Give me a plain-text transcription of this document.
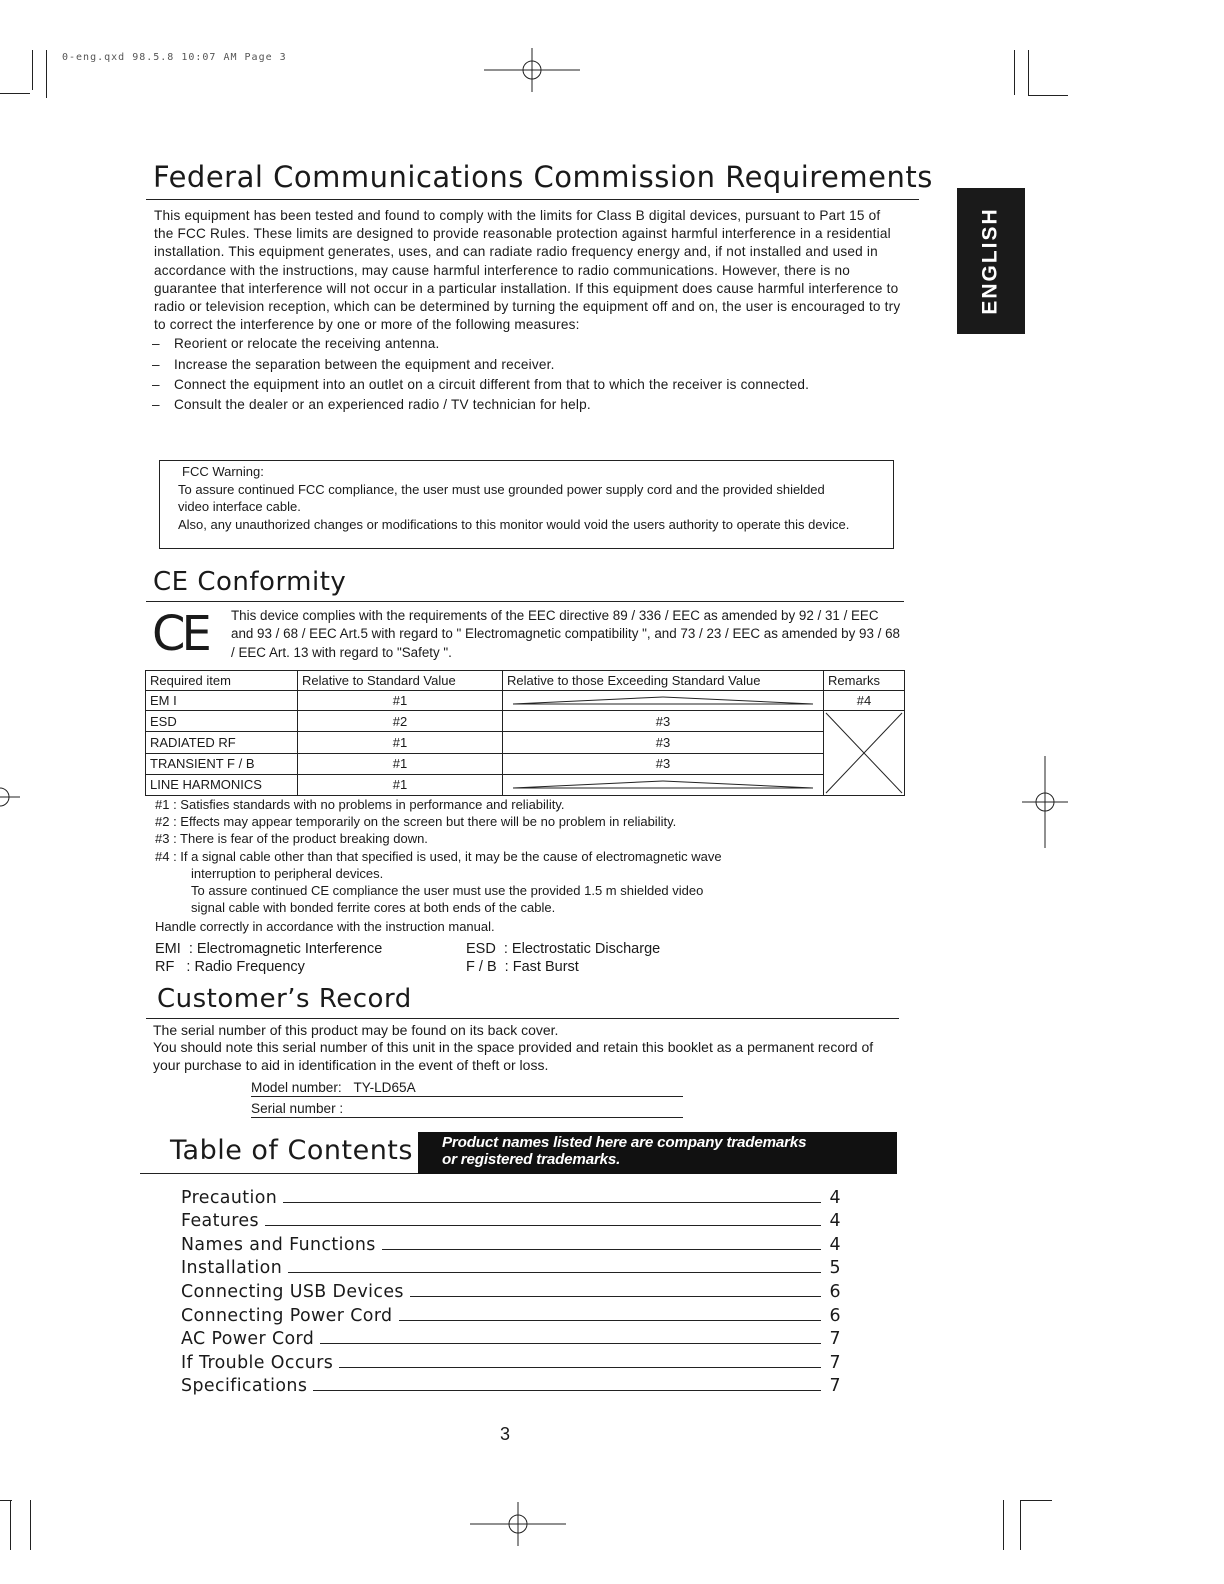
0-eng.qxd 98.5.8 10:07 AM Page 3
ENGLISH
Federal Communications Commission Requirements

This equipment has been tested and found to comply with the limits for Class B digital devices, pursuant to Part 15 of the FCC Rules. These limits are designed to provide reasonable protection against harmful interference in a residential installation. This equipment generates, uses, and can radiate radio frequency energy and, if not installed and used in accordance with the instructions, may cause harmful interference to radio communications. However, there is no guarantee that interference will not occur in a particular installation. If this equipment does cause harmful interference to radio or television reception, which can be determined by turning the equipment off and on, the user is encouraged to try to correct the interference by one or more of the following measures:

– Reorient or relocate the receiving antenna.
– Increase the separation between the equipment and receiver.
– Connect the equipment into an outlet on a circuit different from that to which the receiver is connected.
– Consult the dealer or an experienced radio / TV technician for help.
FCC Warning:
To assure continued FCC compliance, the user must use grounded power supply cord and the provided shielded video interface cable.
Also, any unauthorized changes or modifications to this monitor would void the users authority to operate this device.
CE Conformity
CE This device complies with the requirements of the EEC directive 89 / 336 / EEC as amended by 92 / 31 / EEC and 93 / 68 / EEC Art.5 with regard to " Electromagnetic compatibility ", and 73 / 23 / EEC as amended by 93 / 68 / EEC Art. 13 with regard to "Safety ".
Required item	Relative to Standard Value	Relative to those Exceeding Standard Value	Remarks
EM I	#1		#4
ESD	#2	#3	

RADIATED RF	#1	#3	
TRANSIENT F / B	#1	#3	
LINE HARMONICS	#1	
#1 : Satisfies standards with no problems in performance and reliability.
#2 : Effects may appear temporarily on the screen but there will be no problem in reliability.
#3 : There is fear of the product breaking down.
#4 : If a signal cable other than that specified is used, it may be the cause of electromagnetic wave
interruption to peripheral devices.
To assure continued CE compliance the user must use the provided 1.5 m shielded video
signal cable with bonded ferrite cores at both ends of the cable.
Handle correctly in accordance with the instruction manual.
EMI  : Electromagnetic Interference
RF   : Radio Frequency
ESD  : Electrostatic Discharge
F / B  : Fast Burst
Customer’s Record
The serial number of this product may be found on its back cover.
You should note this serial number of this unit in the space provided and retain this booklet as a permanent record of your purchase to aid in identification in the event of theft or loss.
Model number: TY-LD65A
Serial number :
Table of Contents Product names listed here are company trademarks
or registered trademarks.
Precaution	4
Features	4
Names and Functions	4
Installation	5
Connecting USB Devices	6
Connecting Power Cord	6
AC Power Cord	7
If Trouble Occurs	7
Specifications	7
3
